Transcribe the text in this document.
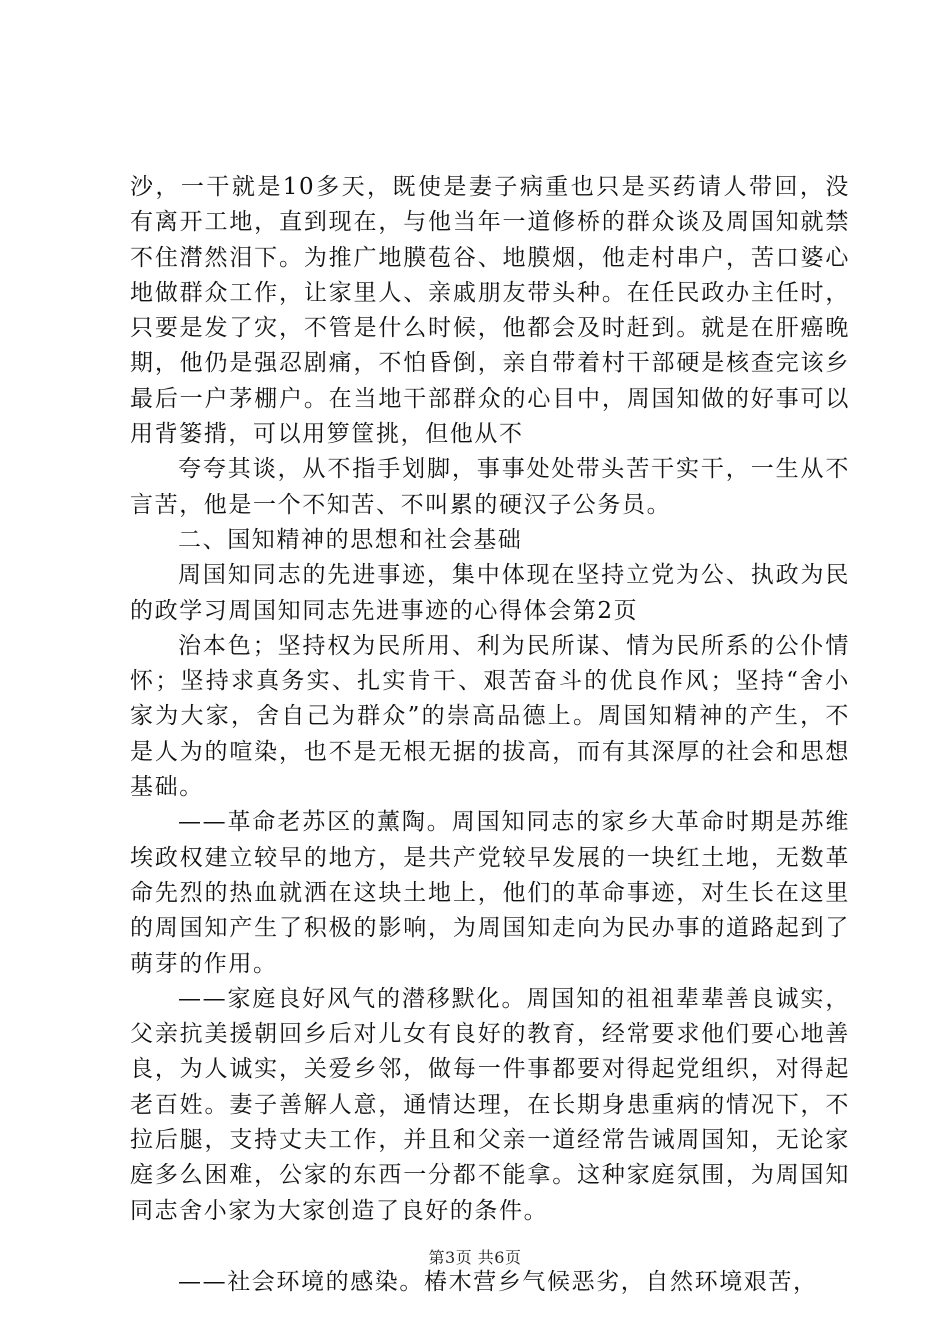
沙，一干就是10多天，既使是妻子病重也只是买药请人带回，没有离开工地，直到现在，与他当年一道修桥的群众谈及周国知就禁不住潸然泪下。为推广地膜苞谷、地膜烟，他走村串户，苦口婆心地做群众工作，让家里人、亲戚朋友带头种。在任民政办主任时，只要是发了灾，不管是什么时候，他都会及时赶到。就是在肝癌晚期，他仍是强忍剧痛，不怕昏倒，亲自带着村干部硬是核查完该乡最后一户茅棚户。在当地干部群众的心目中，周国知做的好事可以用背篓揹，可以用箩筐挑，但他从不

夸夸其谈，从不指手划脚，事事处处带头苦干实干，一生从不言苦，他是一个不知苦、不叫累的硬汉子公务员。

二、国知精神的思想和社会基础

周国知同志的先进事迹，集中体现在坚持立党为公、执政为民的政学习周国知同志先进事迹的心得体会第2页

治本色；坚持权为民所用、利为民所谋、情为民所系的公仆情怀；坚持求真务实、扎实肯干、艰苦奋斗的优良作风；坚持“舍小家为大家，舍自己为群众”的崇高品德上。周国知精神的产生，不是人为的喧染，也不是无根无据的拔高，而有其深厚的社会和思想基础。

——革命老苏区的薰陶。周国知同志的家乡大革命时期是苏维埃政权建立较早的地方，是共产党较早发展的一块红土地，无数革命先烈的热血就洒在这块土地上，他们的革命事迹，对生长在这里的周国知产生了积极的影响，为周国知走向为民办事的道路起到了萌芽的作用。

——家庭良好风气的潜移默化。周国知的祖祖辈辈善良诚实，父亲抗美援朝回乡后对儿女有良好的教育，经常要求他们要心地善良，为人诚实，关爱乡邻，做每一件事都要对得起党组织，对得起老百姓。妻子善解人意，通情达理，在长期身患重病的情况下，不拉后腿，支持丈夫工作，并且和父亲一道经常告诫周国知，无论家庭多么困难，公家的东西一分都不能拿。这种家庭氛围，为周国知同志舍小家为大家创造了良好的条件。

——社会环境的感染。椿木营乡气候恶劣，自然环境艰苦，

第3页 共6页
